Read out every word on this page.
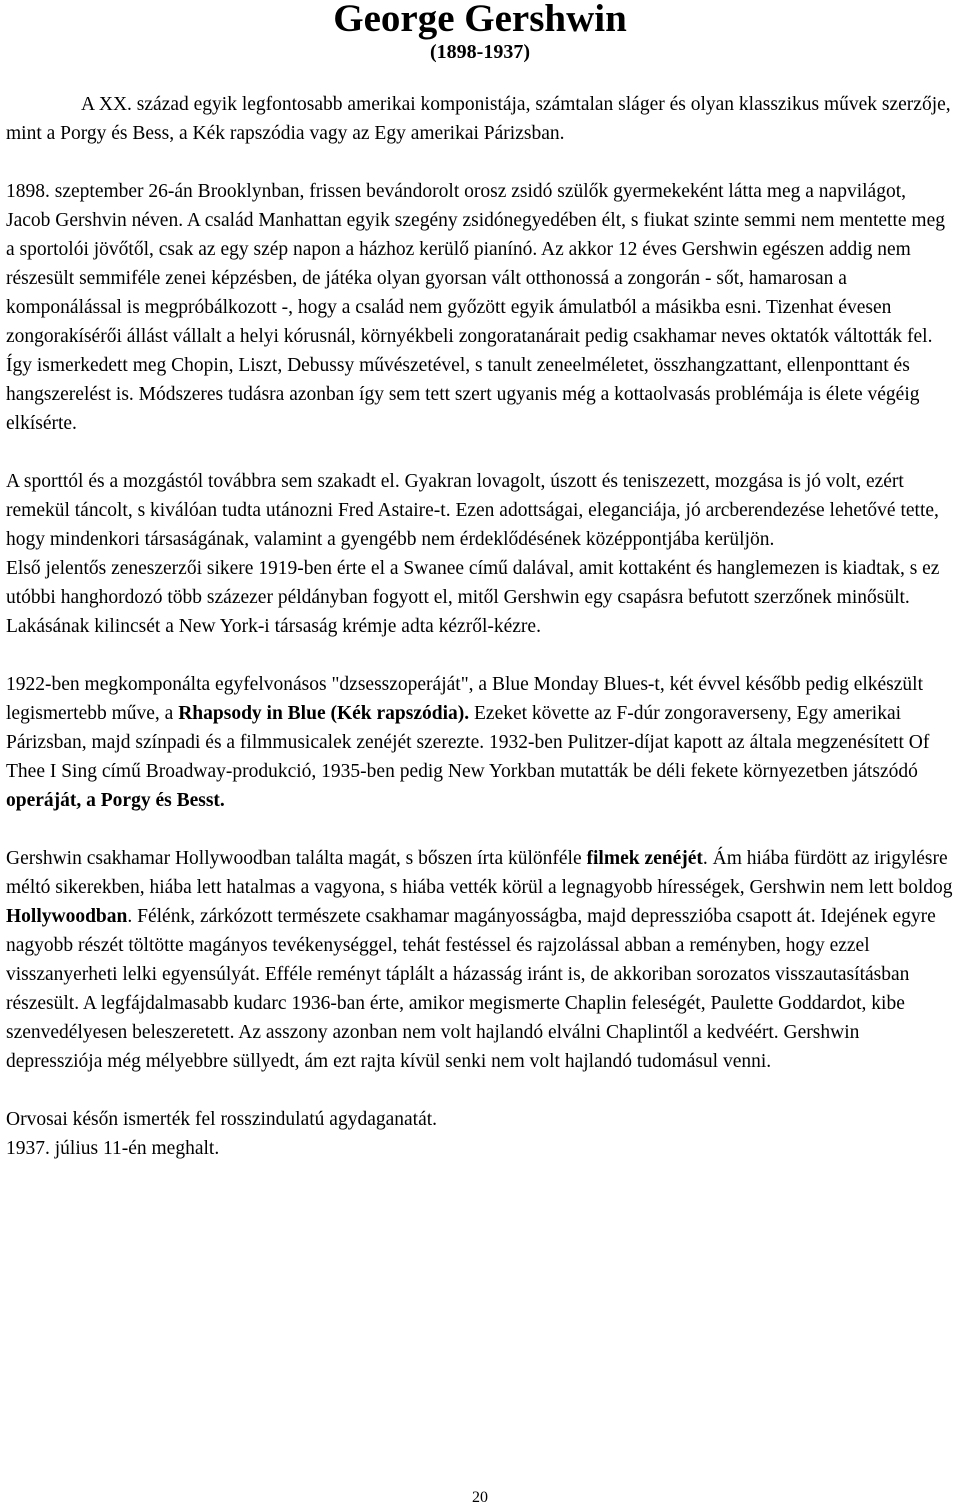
George Gershwin
(1898-1937)

A XX. század egyik legfontosabb amerikai komponistája, számtalan sláger és olyan klasszikus művek szerzője, mint a Porgy és Bess, a Kék rapszódia vagy az Egy amerikai Párizsban.

1898. szeptember 26-án Brooklynban, frissen bevándorolt orosz zsidó szülők gyermekeként látta meg a napvilágot, Jacob Gershvin néven. A család Manhattan egyik szegény zsidónegyedében élt, s fiukat szinte semmi nem mentette meg a sportolói jövőtől, csak az egy szép napon a házhoz kerülő pianínó. Az akkor 12 éves Gershwin egészen addig nem részesült semmiféle zenei képzésben, de játéka olyan gyorsan vált otthonossá a zongorán - sőt, hamarosan a komponálással is megpróbálkozott -, hogy a család nem győzött egyik ámulatból a másikba esni. Tizenhat évesen zongorakísérői állást vállalt a helyi kórusnál, környékbeli zongoratanárait pedig csakhamar neves oktatók váltották fel. Így ismerkedett meg Chopin, Liszt, Debussy művészetével, s tanult zeneelméletet, összhangzattant, ellenponttant és hangszerelést is. Módszeres tudásra azonban így sem tett szert ugyanis még a kottaolvasás problémája is élete végéig elkísérte.

A sporttól és a mozgástól továbbra sem szakadt el. Gyakran lovagolt, úszott és teniszezett, mozgása is jó volt, ezért remekül táncolt, s kiválóan tudta utánozni Fred Astaire-t. Ezen adottságai, eleganciája, jó arcberendezése lehetővé tette, hogy mindenkori társaságának, valamint a gyengébb nem érdeklődésének középpontjába kerüljön.

Első jelentős zeneszerzői sikere 1919-ben érte el a Swanee című dalával, amit kottaként és hanglemezen is kiadtak, s ez utóbbi hanghordozó több százezer példányban fogyott el, mitől Gershwin egy csapásra befutott szerzőnek minősült. Lakásának kilincsét a New York-i társaság krémje adta kézről-kézre.

1922-ben megkomponálta egyfelvonásos "dzsesszoperáját", a Blue Monday Blues-t, két évvel később pedig elkészült legismertebb műve, a Rhapsody in Blue (Kék rapszódia). Ezeket követte az F-dúr zongoraverseny, Egy amerikai Párizsban, majd színpadi és a filmmusicalek zenéjét szerezte. 1932-ben Pulitzer-díjat kapott az általa megzenésített Of Thee I Sing című Broadway-produkció, 1935-ben pedig New Yorkban mutatták be déli fekete környezetben játszódó operáját, a Porgy és Besst.

Gershwin csakhamar Hollywoodban találta magát, s bőszen írta különféle filmek zenéjét. Ám hiába fürdött az irigylésre méltó sikerekben, hiába lett hatalmas a vagyona, s hiába vették körül a legnagyobb hírességek, Gershwin nem lett boldog Hollywoodban. Félénk, zárkózott természete csakhamar magányosságba, majd depresszióba csapott át. Idejének egyre nagyobb részét töltötte magányos tevékenységgel, tehát festéssel és rajzolással abban a reményben, hogy ezzel visszanyerheti lelki egyensúlyát. Efféle reményt táplált a házasság iránt is, de akkoriban sorozatos visszautasításban részesült. A legfájdalmasabb kudarc 1936-ban érte, amikor megismerte Chaplin feleségét, Paulette Goddardot, kibe szenvedélyesen beleszeretett. Az asszony azonban nem volt hajlandó elválni Chaplintől a kedvéért. Gershwin depressziója még mélyebbre süllyedt, ám ezt rajta kívül senki nem volt hajlandó tudomásul venni.

Orvosai későn ismerték fel rosszindulatú agydaganatát.

1937. július 11-én meghalt.

20
